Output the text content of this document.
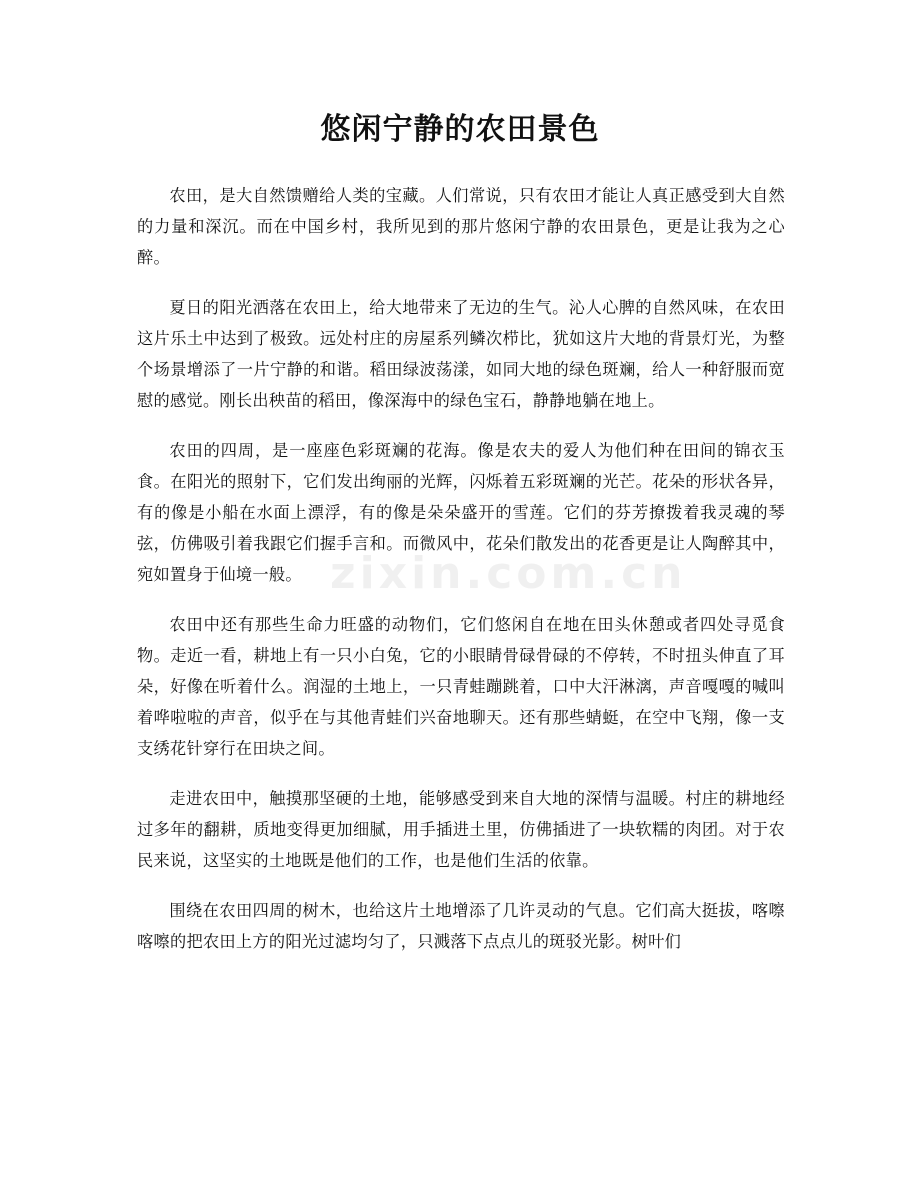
悠闲宁静的农田景色
zixin.com.cn

农田，是大自然馈赠给人类的宝藏。人们常说，只有农田才能让人真正感受到大自然的力量和深沉。而在中国乡村，我所见到的那片悠闲宁静的农田景色，更是让我为之心醉。

夏日的阳光洒落在农田上，给大地带来了无边的生气。沁人心脾的自然风味，在农田这片乐土中达到了极致。远处村庄的房屋系列鳞次栉比，犹如这片大地的背景灯光，为整个场景增添了一片宁静的和谐。稻田绿波荡漾，如同大地的绿色斑斓，给人一种舒服而宽慰的感觉。刚长出秧苗的稻田，像深海中的绿色宝石，静静地躺在地上。

农田的四周，是一座座色彩斑斓的花海。像是农夫的爱人为他们种在田间的锦衣玉食。在阳光的照射下，它们发出绚丽的光辉，闪烁着五彩斑斓的光芒。花朵的形状各异，有的像是小船在水面上漂浮，有的像是朵朵盛开的雪莲。它们的芬芳撩拨着我灵魂的琴弦，仿佛吸引着我跟它们握手言和。而微风中，花朵们散发出的花香更是让人陶醉其中，宛如置身于仙境一般。

农田中还有那些生命力旺盛的动物们，它们悠闲自在地在田头休憩或者四处寻觅食物。走近一看，耕地上有一只小白兔，它的小眼睛骨碌骨碌的不停转，不时扭头伸直了耳朵，好像在听着什么。润湿的土地上，一只青蛙蹦跳着，口中大汗淋漓，声音嘎嘎的喊叫着哗啦啦的声音，似乎在与其他青蛙们兴奋地聊天。还有那些蜻蜓，在空中飞翔，像一支支绣花针穿行在田块之间。

走进农田中，触摸那坚硬的土地，能够感受到来自大地的深情与温暖。村庄的耕地经过多年的翻耕，质地变得更加细腻，用手插进土里，仿佛插进了一块软糯的肉团。对于农民来说，这坚实的土地既是他们的工作，也是他们生活的依靠。

围绕在农田四周的树木，也给这片土地增添了几许灵动的气息。它们高大挺拔，喀嚓喀嚓的把农田上方的阳光过滤均匀了，只溅落下点点儿的斑驳光影。树叶们
